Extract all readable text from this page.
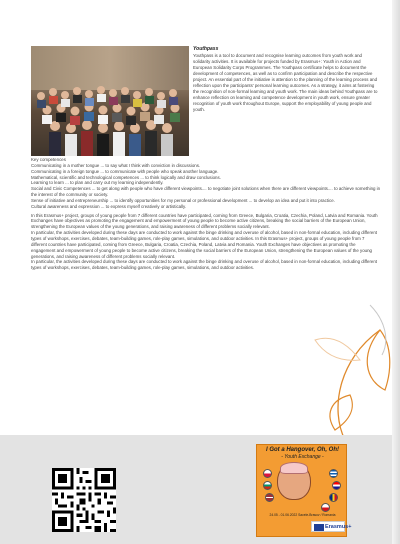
Youthpass
Youthpass is a tool to document and recognise learning outcomes from youth work and solidarity activities. It is available for projects funded by Erasmus+: Youth in Action and European Solidarity Corps Programmes. The Youthpass certificate helps to document the development of competences, as well as to confirm participation and describe the respective project. An essential part of the initiative is attention to the planning of the learning process and reflection upon the participants' personal learning outcomes. As a strategy, it aims at fostering the recognition of non-formal learning and youth work. The main ideas behind Youthpass are to enhance reflection on learning and competence development in youth work, ensure greater recognition of youth work throughout Europe, support the employability of young people and youth.

Key competences

Communicating in a mother tongue ... to say what I think with conviction in discussions.

Communicating in a foreign tongue ... to communicate with people who speak another language.

Mathematical, scientific and technological competences ... to think logically and draw conclusions.

Learning to learn ... to plan and carry out my learning independently.

Social and Civic Competences ... to get along with people who have different viewpoints.... to negotiate joint solutions when there are different viewpoints.... to achieve something in the interest of the community or society.

Sense of initiative and entrepreneurship ... to identify opportunities for my personal or professional development ... to develop an idea and put it into practice.

Cultural awareness and expression ... to express myself creatively or artistically.

In this Erasmus+ project, groups of young people from 7 different countries have participated, coming from Greece, Bulgaria, Croatia, Czechia, Poland, Latvia and Romania. Youth Exchanges have objectives as promoting the engagement and empowerment of young people to become active citizens, breaking the social barriers of the European Union, strengthening the European values of the young generations, and raising awareness of different problems socially relevant.

In particular, the activities developed during these days are conducted to work against the binge drinking and overuse of alcohol, based in non-formal education, including different types of workshops, exercises, debates, team-building games, role-play games, simulations, and outdoor activities. In this Erasmus+ project, groups of young people from 7 different countries have participated, coming from Greece, Bulgaria, Croatia, Czechia, Poland, Latvia and Romania. Youth Exchanges have objectives as promoting the engagement and empowerment of young people to become active citizens, breaking the social barriers of the European Union, strengthening the European values of the young generations, and raising awareness of different problems socially relevant.

In particular, the activities developed during these days are conducted to work against the binge drinking and overuse of alcohol, based in non-formal education, including different types of workshops, exercises, debates, team-building games, role-play games, simulations, and outdoor activities.

I Got a Hangover, Oh, Oh!
- Youth Exchange -
24.05 - 01.06.2022 Sacele-Brasov / Romania
Erasmus+
